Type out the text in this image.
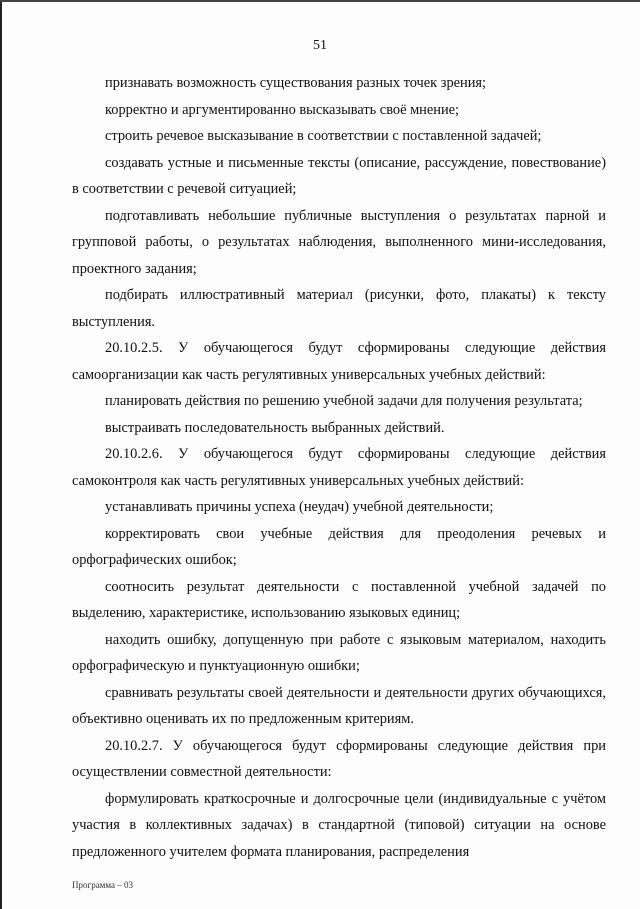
51

признавать возможность существования разных точек зрения;

корректно и аргументированно высказывать своё мнение;

строить речевое высказывание в соответствии с поставленной задачей;

создавать устные и письменные тексты (описание, рассуждение, повествование) в соответствии с речевой ситуацией;

подготавливать небольшие публичные выступления о результатах парной и групповой работы, о результатах наблюдения, выполненного мини-исследования, проектного задания;

подбирать иллюстративный материал (рисунки, фото, плакаты) к тексту выступления.

20.10.2.5. У обучающегося будут сформированы следующие действия самоорганизации как часть регулятивных универсальных учебных действий:

планировать действия по решению учебной задачи для получения результата;

выстраивать последовательность выбранных действий.

20.10.2.6. У обучающегося будут сформированы следующие действия самоконтроля как часть регулятивных универсальных учебных действий:

устанавливать причины успеха (неудач) учебной деятельности;

корректировать свои учебные действия для преодоления речевых и орфографических ошибок;

соотносить результат деятельности с поставленной учебной задачей по выделению, характеристике, использованию языковых единиц;

находить ошибку, допущенную при работе с языковым материалом, находить орфографическую и пунктуационную ошибки;

сравнивать результаты своей деятельности и деятельности других обучающихся, объективно оценивать их по предложенным критериям.

20.10.2.7. У обучающегося будут сформированы следующие действия при осуществлении совместной деятельности:

формулировать краткосрочные и долгосрочные цели (индивидуальные с учётом участия в коллективных задачах) в стандартной (типовой) ситуации на основе предложенного учителем формата планирования, распределения

Программа – 03
